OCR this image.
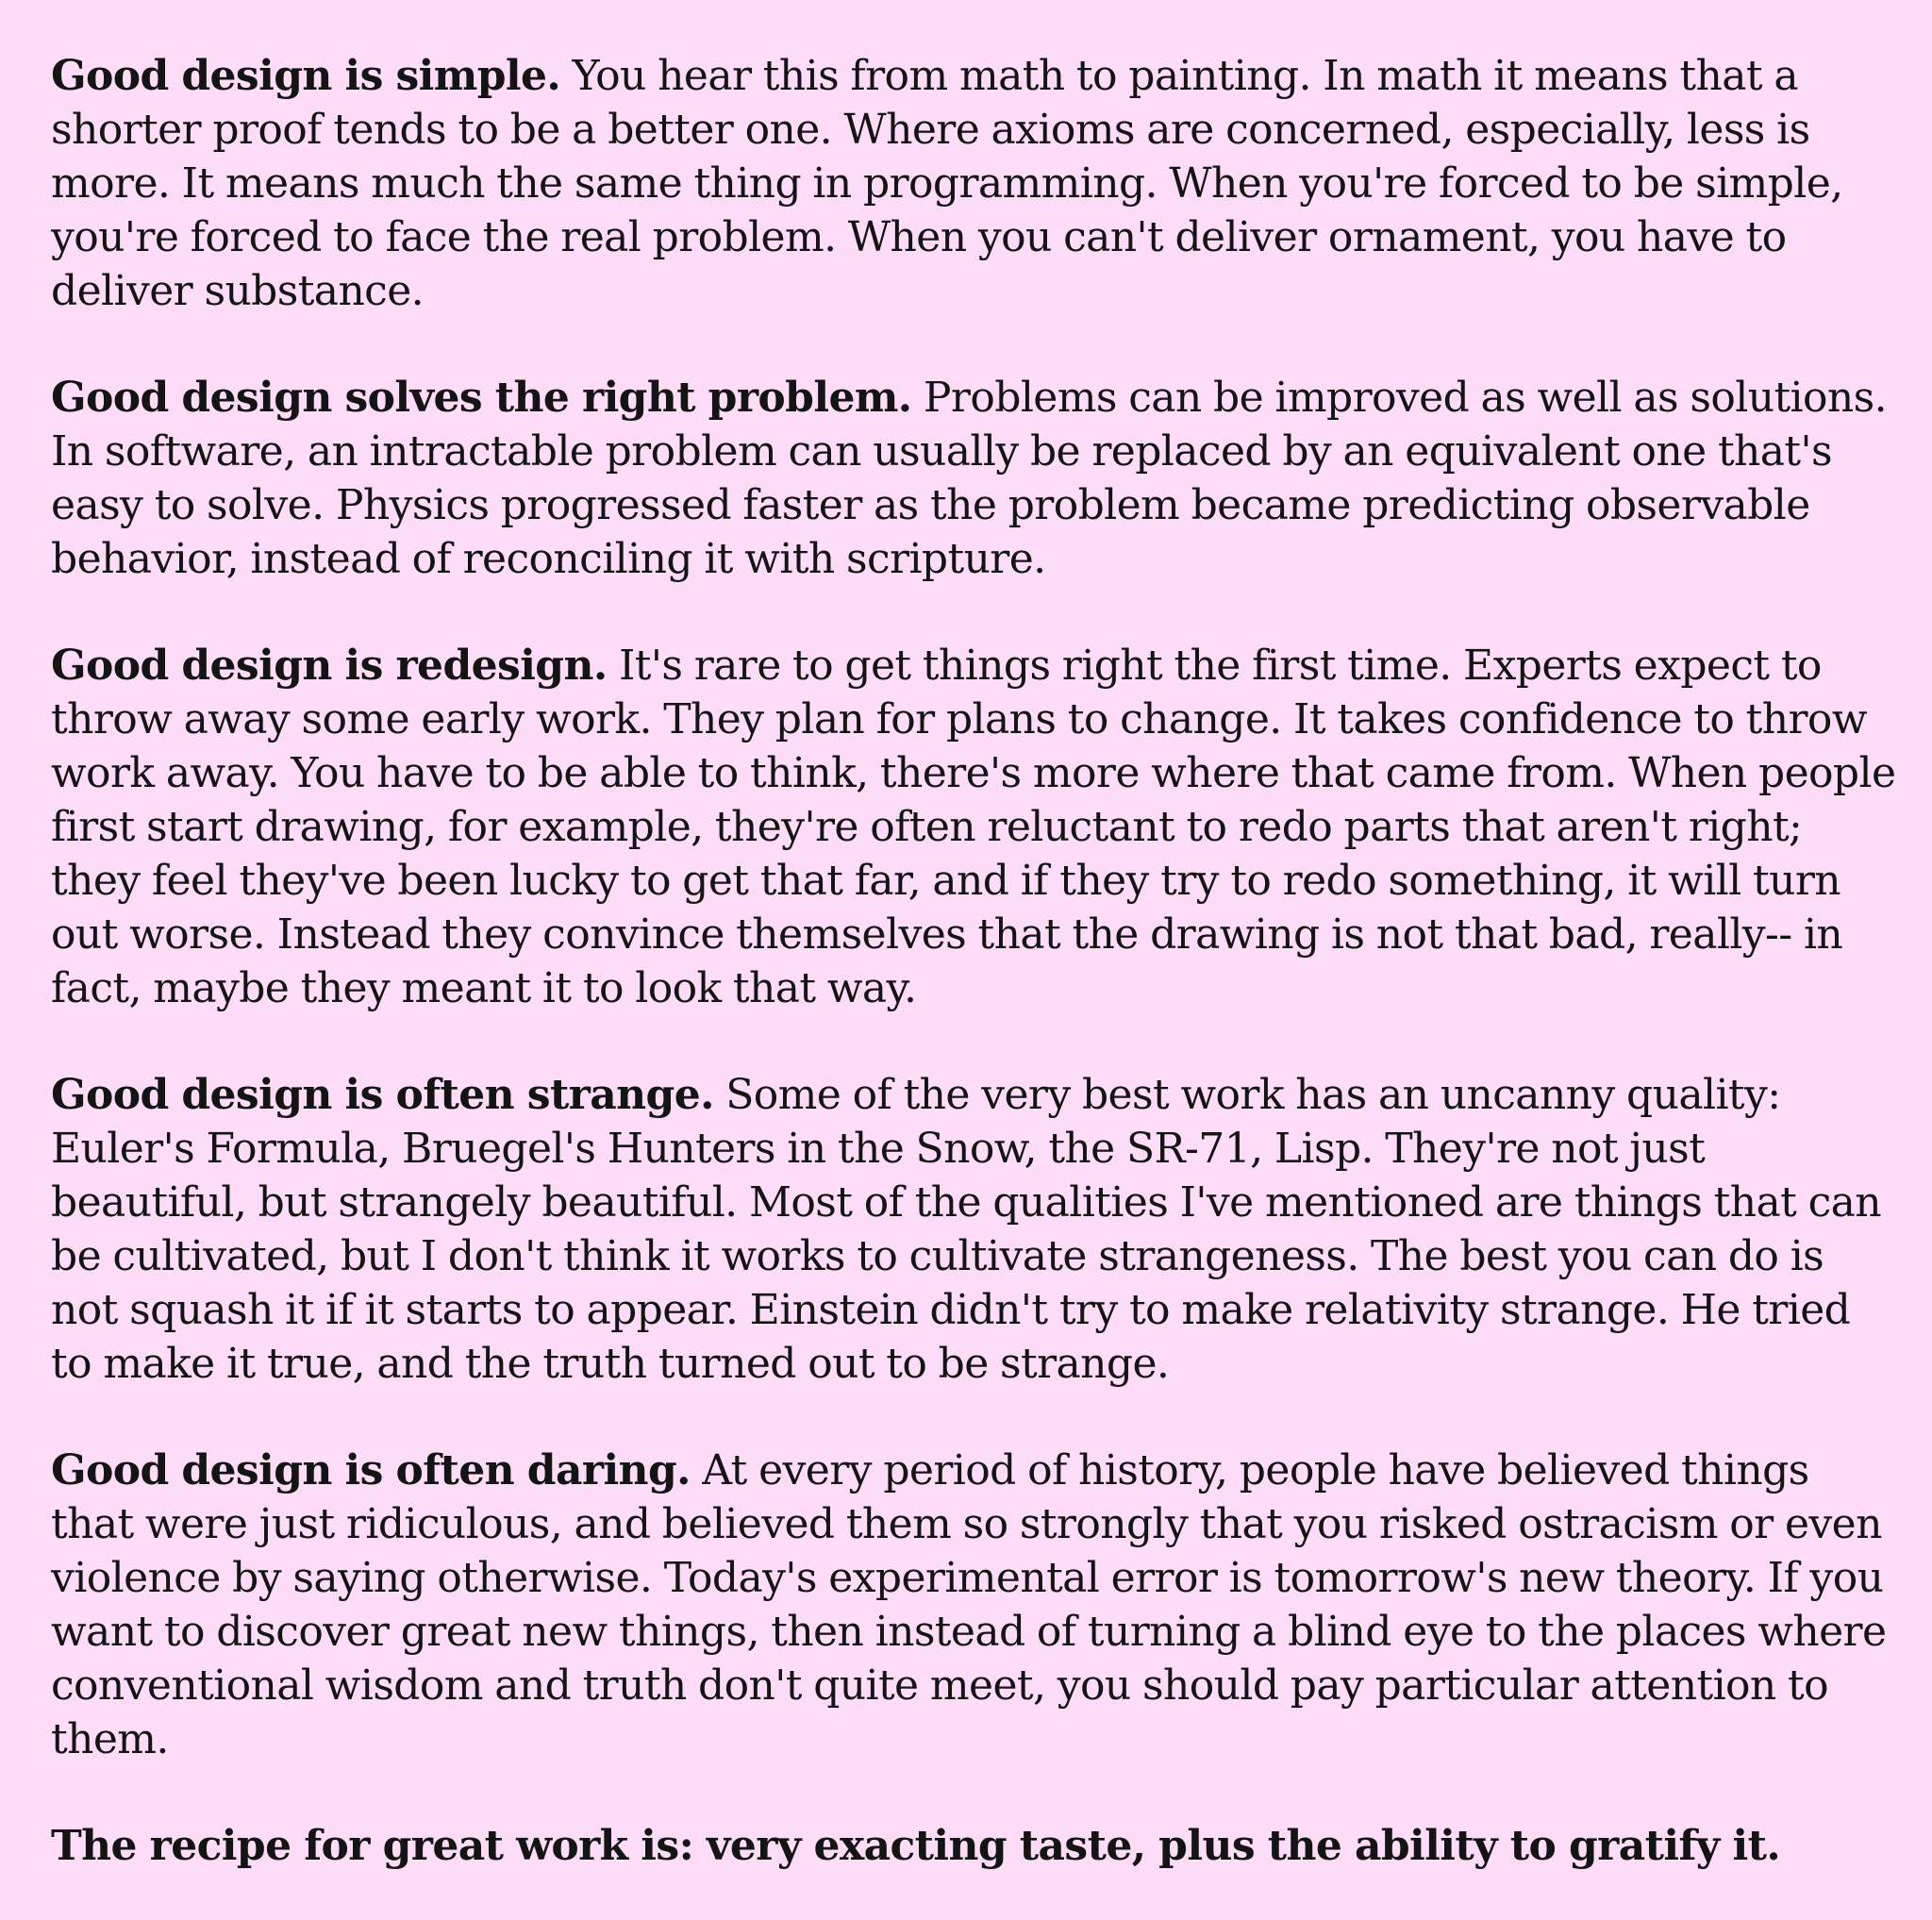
Good design is simple. You hear this from math to painting. In math it means that a shorter proof tends to be a better one. Where axioms are concerned, especially, less is more. It means much the same thing in programming. When you're forced to be simple, you're forced to face the real problem. When you can't deliver ornament, you have to deliver substance.

Good design solves the right problem. Problems can be improved as well as solutions. In software, an intractable problem can usually be replaced by an equivalent one that's easy to solve. Physics progressed faster as the problem became predicting observable behavior, instead of reconciling it with scripture.

Good design is redesign. It's rare to get things right the first time. Experts expect to throw away some early work. They plan for plans to change. It takes confidence to throw work away. You have to be able to think, there's more where that came from. When people first start drawing, for example, they're often reluctant to redo parts that aren't right; they feel they've been lucky to get that far, and if they try to redo something, it will turn out worse. Instead they convince themselves that the drawing is not that bad, really-- in fact, maybe they meant it to look that way.

Good design is often strange. Some of the very best work has an uncanny quality: Euler's Formula, Bruegel's Hunters in the Snow, the SR-71, Lisp. They're not just beautiful, but strangely beautiful. Most of the qualities I've mentioned are things that can be cultivated, but I don't think it works to cultivate strangeness. The best you can do is not squash it if it starts to appear. Einstein didn't try to make relativity strange. He tried to make it true, and the truth turned out to be strange.

Good design is often daring. At every period of history, people have believed things that were just ridiculous, and believed them so strongly that you risked ostracism or even violence by saying otherwise. Today's experimental error is tomorrow's new theory. If you want to discover great new things, then instead of turning a blind eye to the places where conventional wisdom and truth don't quite meet, you should pay particular attention to them.

The recipe for great work is: very exacting taste, plus the ability to gratify it.
